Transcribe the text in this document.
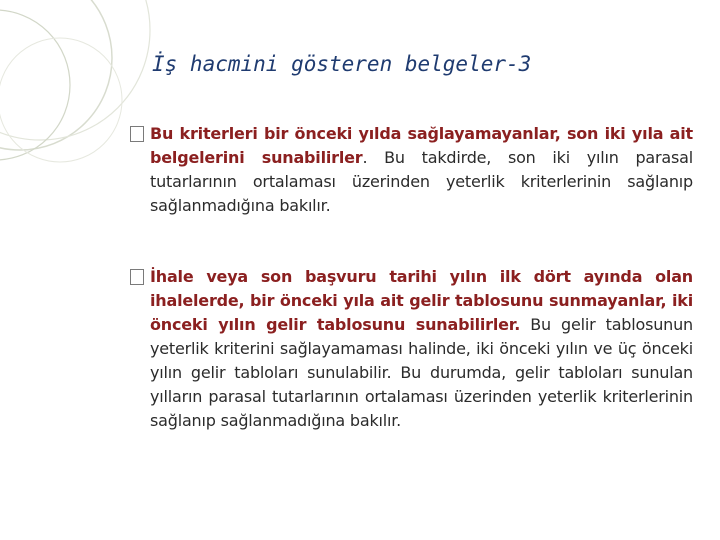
İş hacmini gösteren belgeler-3
Bu kriterleri bir önceki yılda sağlayamayanlar, son iki yıla ait belgelerini sunabilirler. Bu takdirde, son iki yılın parasal tutarlarının ortalaması üzerinden yeterlik kriterlerinin sağlanıp sağlanmadığına bakılır.
İhale veya son başvuru tarihi yılın ilk dört ayında olan ihalelerde, bir önceki yıla ait gelir tablosunu sunmayanlar, iki önceki yılın gelir tablosunu sunabilirler. Bu gelir tablosunun yeterlik kriterini sağlayamaması halinde, iki önceki yılın ve üç önceki yılın gelir tabloları sunulabilir. Bu durumda, gelir tabloları sunulan yılların parasal tutarlarının ortalaması üzerinden yeterlik kriterlerinin sağlanıp sağlanmadığına bakılır.
